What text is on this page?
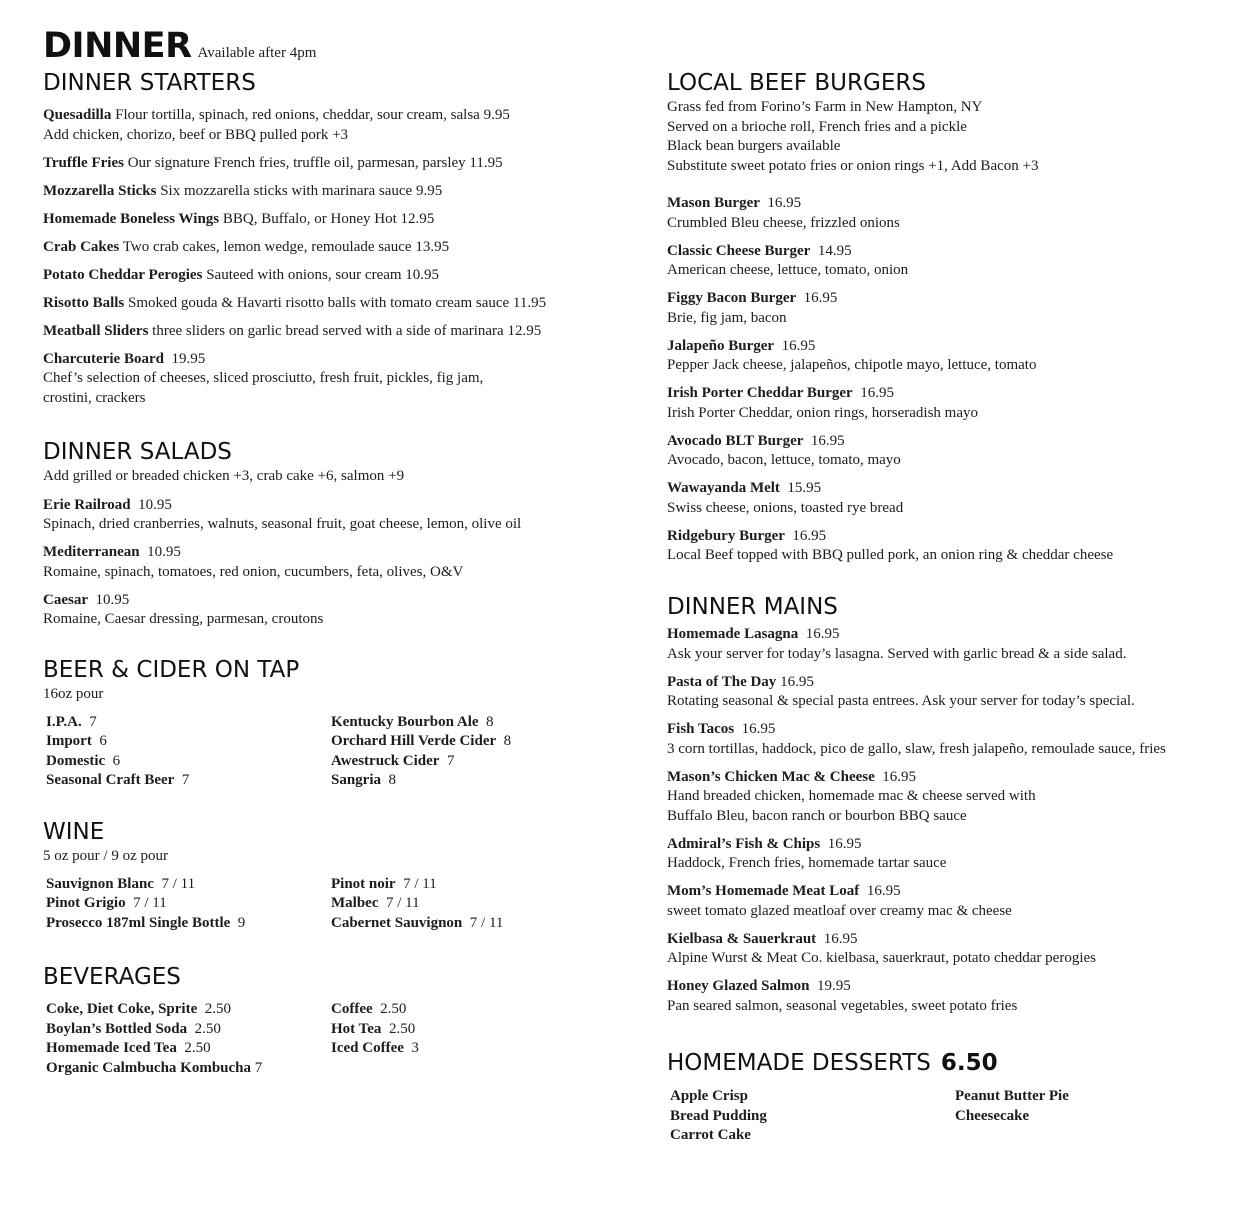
DINNER Available after 4pm
DINNER STARTERS
Quesadilla Flour tortilla, spinach, red onions, cheddar, sour cream, salsa 9.95
Add chicken, chorizo, beef or BBQ pulled pork +3
Truffle Fries Our signature French fries, truffle oil, parmesan, parsley 11.95
Mozzarella Sticks Six mozzarella sticks with marinara sauce 9.95
Homemade Boneless Wings BBQ, Buffalo, or Honey Hot 12.95
Crab Cakes Two crab cakes, lemon wedge, remoulade sauce 13.95
Potato Cheddar Perogies Sauteed with onions, sour cream 10.95
Risotto Balls Smoked gouda & Havarti risotto balls with tomato cream sauce 11.95
Meatball Sliders three sliders on garlic bread served with a side of marinara 12.95
Charcuterie Board 19.95
Chef’s selection of cheeses, sliced prosciutto, fresh fruit, pickles, fig jam,
crostini, crackers
DINNER SALADS
Add grilled or breaded chicken +3, crab cake +6, salmon +9
Erie Railroad 10.95
Spinach, dried cranberries, walnuts, seasonal fruit, goat cheese, lemon, olive oil
Mediterranean 10.95
Romaine, spinach, tomatoes, red onion, cucumbers, feta, olives, O&V
Caesar 10.95
Romaine, Caesar dressing, parmesan, croutons
BEER & CIDER ON TAP
16oz pour
I.P.A. 7
Import 6
Domestic 6
Seasonal Craft Beer 7
Kentucky Bourbon Ale 8
Orchard Hill Verde Cider 8
Awestruck Cider 7
Sangria 8
WINE
5 oz pour / 9 oz pour
Sauvignon Blanc 7 / 11
Pinot Grigio 7 / 11
Prosecco 187ml Single Bottle 9
Pinot noir 7 / 11
Malbec 7 / 11
Cabernet Sauvignon 7 / 11
BEVERAGES
Coke, Diet Coke, Sprite 2.50
Boylan’s Bottled Soda 2.50
Homemade Iced Tea 2.50
Organic Calmbucha Kombucha 7
Coffee 2.50
Hot Tea 2.50
Iced Coffee 3
LOCAL BEEF BURGERS
Grass fed from Forino’s Farm in New Hampton, NY
Served on a brioche roll, French fries and a pickle
Black bean burgers available
Substitute sweet potato fries or onion rings +1, Add Bacon +3
Mason Burger 16.95
Crumbled Bleu cheese, frizzled onions
Classic Cheese Burger 14.95
American cheese, lettuce, tomato, onion
Figgy Bacon Burger 16.95
Brie, fig jam, bacon
Jalapeño Burger 16.95
Pepper Jack cheese, jalapeños, chipotle mayo, lettuce, tomato
Irish Porter Cheddar Burger 16.95
Irish Porter Cheddar, onion rings, horseradish mayo
Avocado BLT Burger 16.95
Avocado, bacon, lettuce, tomato, mayo
Wawayanda Melt 15.95
Swiss cheese, onions, toasted rye bread
Ridgebury Burger 16.95
Local Beef topped with BBQ pulled pork, an onion ring & cheddar cheese
DINNER MAINS
Homemade Lasagna 16.95
Ask your server for today’s lasagna. Served with garlic bread & a side salad.
Pasta of The Day 16.95
Rotating seasonal & special pasta entrees. Ask your server for today’s special.
Fish Tacos 16.95
3 corn tortillas, haddock, pico de gallo, slaw, fresh jalapeño, remoulade sauce, fries
Mason’s Chicken Mac & Cheese 16.95
Hand breaded chicken, homemade mac & cheese served with
Buffalo Bleu, bacon ranch or bourbon BBQ sauce
Admiral’s Fish & Chips 16.95
Haddock, French fries, homemade tartar sauce
Mom’s Homemade Meat Loaf 16.95
sweet tomato glazed meatloaf over creamy mac & cheese
Kielbasa & Sauerkraut 16.95
Alpine Wurst & Meat Co. kielbasa, sauerkraut, potato cheddar perogies
Honey Glazed Salmon 19.95
Pan seared salmon, seasonal vegetables, sweet potato fries
HOMEMADE DESSERTS 6.50
Apple Crisp
Bread Pudding
Carrot Cake
Peanut Butter Pie
Cheesecake
